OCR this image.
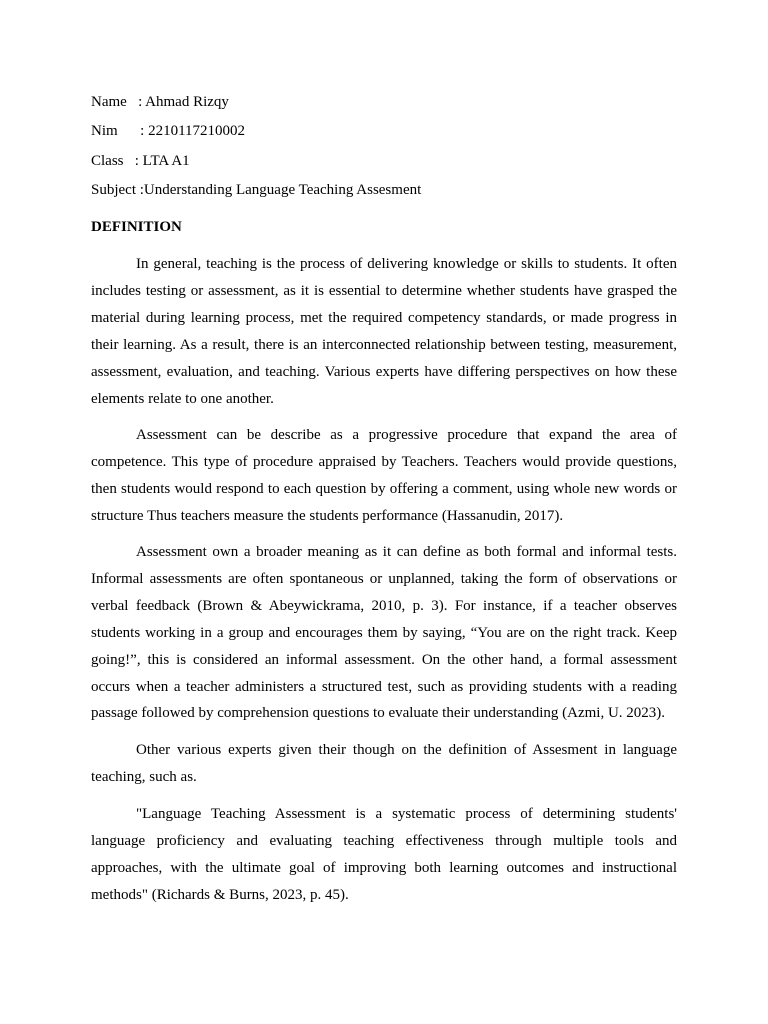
Name   : Ahmad Rizqy
Nim      : 2210117210002
Class   : LTA A1
Subject :Understanding Language Teaching Assesment
DEFINITION

In general, teaching is the process of delivering knowledge or skills to students. It often includes testing or assessment, as it is essential to determine whether students have grasped the material during learning process, met the required competency standards, or made progress in their learning. As a result, there is an interconnected relationship between testing, measurement, assessment, evaluation, and teaching. Various experts have differing perspectives on how these elements relate to one another.

Assessment can be describe as a progressive procedure that expand the area of competence. This type of procedure appraised by Teachers. Teachers would provide questions, then students would respond to each question by offering a comment, using whole new words or structure Thus teachers measure the students performance (Hassanudin, 2017).

Assessment own a broader meaning as it can define as both formal and informal tests. Informal assessments are often spontaneous or unplanned, taking the form of observations or verbal feedback (Brown & Abeywickrama, 2010, p. 3). For instance, if a teacher observes students working in a group and encourages them by saying, “You are on the right track. Keep going!”, this is considered an informal assessment. On the other hand, a formal assessment occurs when a teacher administers a structured test, such as providing students with a reading passage followed by comprehension questions to evaluate their understanding (Azmi, U. 2023).

Other various experts given their though on the definition of Assesment in language teaching, such as.

"Language Teaching Assessment is a systematic process of determining students' language proficiency and evaluating teaching effectiveness through multiple tools and approaches, with the ultimate goal of improving both learning outcomes and instructional methods" (Richards & Burns, 2023, p. 45).
